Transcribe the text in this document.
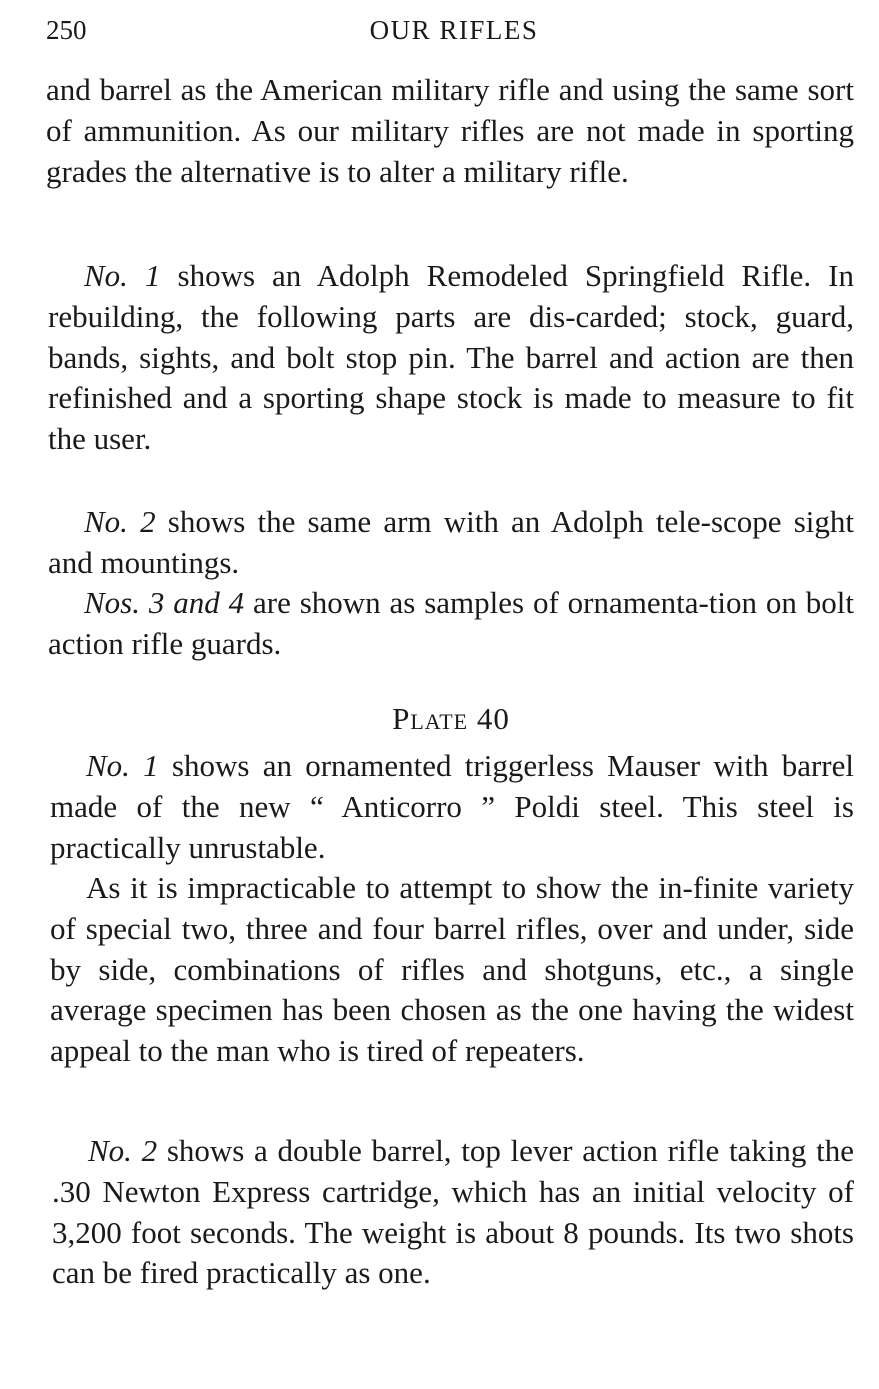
250	OUR RIFLES

and barrel as the American military rifle and using the same sort of ammunition. As our military rifles are not made in sporting grades the alternative is to alter a military rifle.

No. 1 shows an Adolph Remodeled Springfield Rifle. In rebuilding, the following parts are dis-carded; stock, guard, bands, sights, and bolt stop pin. The barrel and action are then refinished and a sporting shape stock is made to measure to fit the user.

No. 2 shows the same arm with an Adolph tele-scope sight and mountings.

Nos. 3 and 4 are shown as samples of ornamenta-tion on bolt action rifle guards.

Plate 40

No. 1 shows an ornamented triggerless Mauser with barrel made of the new “ Anticorro ” Poldi steel. This steel is practically unrustable.

As it is impracticable to attempt to show the in-finite variety of special two, three and four barrel rifles, over and under, side by side, combinations of rifles and shotguns, etc., a single average specimen has been chosen as the one having the widest appeal to the man who is tired of repeaters.

No. 2 shows a double barrel, top lever action rifle taking the .30 Newton Express cartridge, which has an initial velocity of 3,200 foot seconds. The weight is about 8 pounds. Its two shots can be fired practically as one.
